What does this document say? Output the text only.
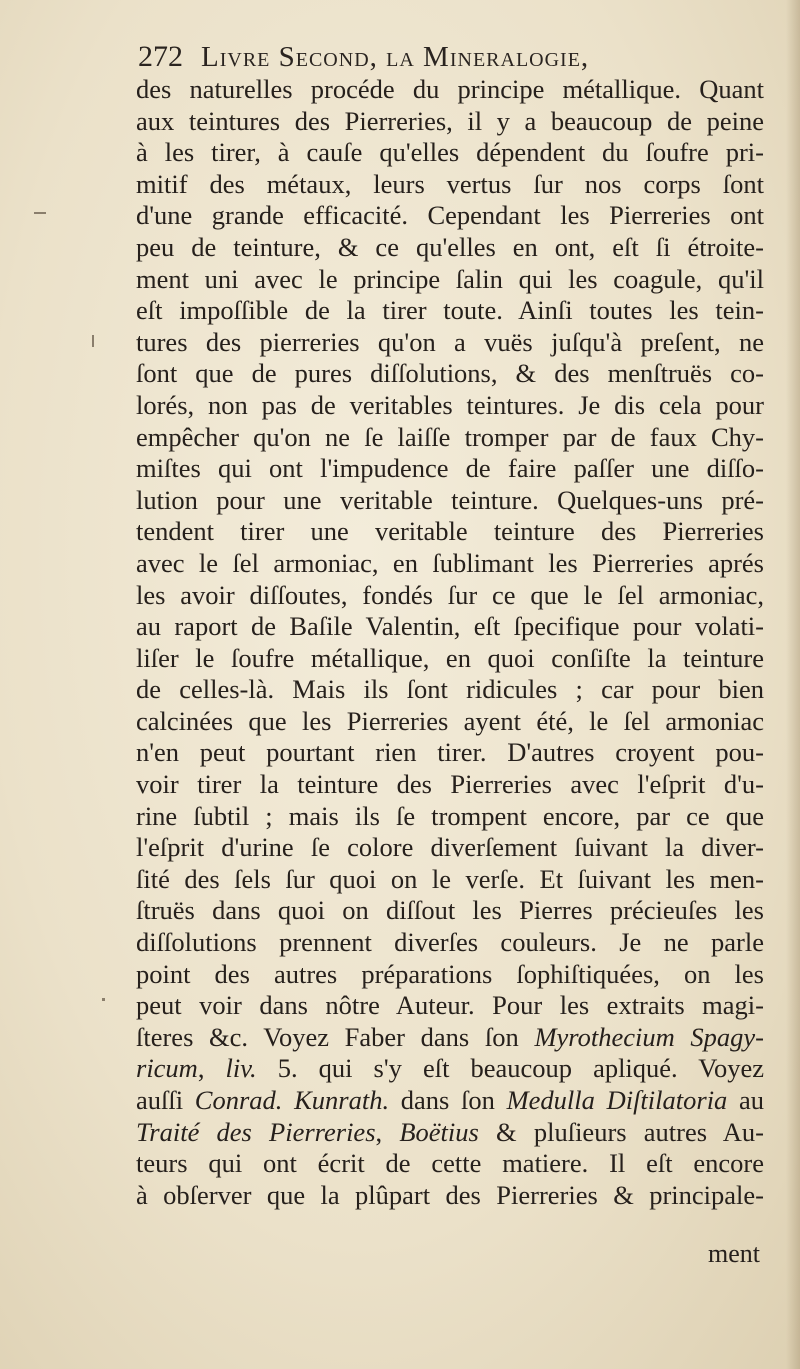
272 Livre Second, la Mineralogie,
des naturelles procéde du principe métallique. Quant
aux teintures des Pierreries, il y a beaucoup de peine
à les tirer, à cauſe qu'elles dépendent du ſoufre pri-
mitif des métaux, leurs vertus ſur nos corps ſont
d'une grande efficacité. Cependant les Pierreries ont
peu de teinture, & ce qu'elles en ont, eſt ſi étroite-
ment uni avec le principe ſalin qui les coagule, qu'il
eſt impoſſible de la tirer toute. Ainſi toutes les tein-
tures des pierreries qu'on a vuës juſqu'à preſent, ne
ſont que de pures diſſolutions, & des menſtruës co-
lorés, non pas de veritables teintures. Je dis cela pour
empêcher qu'on ne ſe laiſſe tromper par de faux Chy-
miſtes qui ont l'impudence de faire paſſer une diſſo-
lution pour une veritable teinture. Quelques-uns pré-
tendent tirer une veritable teinture des Pierreries
avec le ſel armoniac, en ſublimant les Pierreries aprés
les avoir diſſoutes, fondés ſur ce que le ſel armoniac,
au raport de Baſile Valentin, eſt ſpecifique pour volati-
liſer le ſoufre métallique, en quoi conſiſte la teinture
de celles-là. Mais ils ſont ridicules ; car pour bien
calcinées que les Pierreries ayent été, le ſel armoniac
n'en peut pourtant rien tirer. D'autres croyent pou-
voir tirer la teinture des Pierreries avec l'eſprit d'u-
rine ſubtil ; mais ils ſe trompent encore, par ce que
l'eſprit d'urine ſe colore diverſement ſuivant la diver-
ſité des ſels ſur quoi on le verſe. Et ſuivant les men-
ſtruës dans quoi on diſſout les Pierres précieuſes les
diſſolutions prennent diverſes couleurs. Je ne parle
point des autres préparations ſophiſtiquées, on les
peut voir dans nôtre Auteur. Pour les extraits magi-
ſteres &c. Voyez Faber dans ſon Myrothecium Spagy-
ricum, liv. 5. qui s'y eſt beaucoup apliqué. Voyez
auſſi Conrad. Kunrath. dans ſon Medulla Diſtilatoria au
Traité des Pierreries, Boëtius & pluſieurs autres Au-
teurs qui ont écrit de cette matiere. Il eſt encore
à obſerver que la plûpart des Pierreries & principale-
ment
